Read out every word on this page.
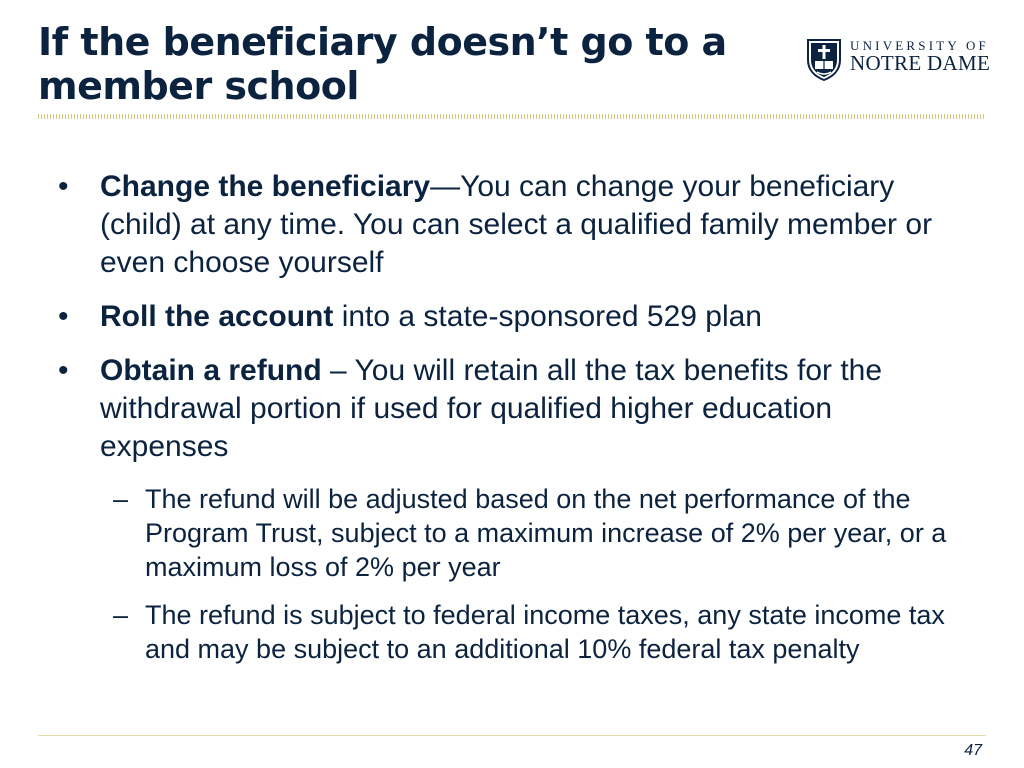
If the beneficiary doesn’t go to a member school
UNIVERSITY OF
NOTRE DAME
• Change the beneficiary—You can change your beneficiary (child) at any time. You can select a qualified family member or even choose yourself
• Roll the account into a state-sponsored 529 plan
• Obtain a refund – You will retain all the tax benefits for the withdrawal portion if used for qualified higher education expenses
– The refund will be adjusted based on the net performance of the Program Trust, subject to a maximum increase of 2% per year, or a maximum loss of 2% per year
– The refund is subject to federal income taxes, any state income tax and may be subject to an additional 10% federal tax penalty
47
